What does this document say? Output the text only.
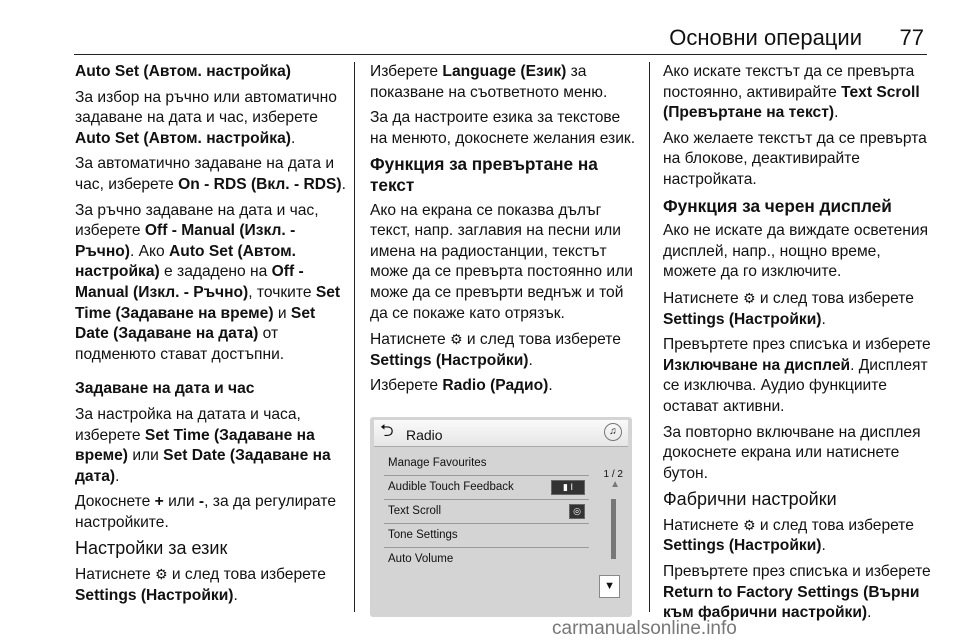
Основни операции 77

Auto Set (Автом. настройка)

За избор на ръчно или автоматично задаване на дата и час, изберете Auto Set (Автом. настройка).

За автоматично задаване на дата и час, изберете On - RDS (Вкл. - RDS).

За ръчно задаване на дата и час, изберете Off - Manual (Изкл. - Ръчно). Ако Auto Set (Автом. настройка) е зададено на Off - Manual (Изкл. - Ръчно), точките Set Time (Задаване на време) и Set Date (Задаване на дата) от подменюто стават достъпни.

Задаване на дата и час

За настройка на датата и часа, изберете Set Time (Задаване на време) или Set Date (Задаване на дата).

Докоснете + или -, за да регулирате настройките.

Настройки за език

Натиснете ⚙ и след това изберете Settings (Настройки).

Изберете Language (Език) за показване на съответното меню.

За да настроите езика за текстове на менюто, докоснете желания език.

Функция за превъртане на текст

Ако на екрана се показва дълъг текст, напр. заглавия на песни или имена на радиостанции, текстът може да се превърта постоянно или може да се превърти веднъж и той да се покаже като отрязък.

Натиснете ⚙ и след това изберете Settings (Настройки).

Изберете Radio (Радио).

⮌ Radio	♫
Manage Favourites
Audible Touch Feedback	▮ I
Text Scroll	◎
Tone Settings
Auto Volume
1 / 2
▲
▼

Ако искате текстът да се превърта постоянно, активирайте Text Scroll (Превъртане на текст).

Ако желаете текстът да се превърта на блокове, деактивирайте настройката.

Функция за черен дисплей

Ако не искате да виждате осветения дисплей, напр., нощно време, можете да го изключите.

Натиснете ⚙ и след това изберете Settings (Настройки).

Превъртете през списъка и изберете Изключване на дисплей. Дисплеят се изключва. Аудио функциите остават активни.

За повторно включване на дисплея докоснете екрана или натиснете бутон.

Фабрични настройки

Натиснете ⚙ и след това изберете Settings (Настройки).

Превъртете през списъка и изберете Return to Factory Settings (Върни към фабрични настройки).

carmanualsonline.info
